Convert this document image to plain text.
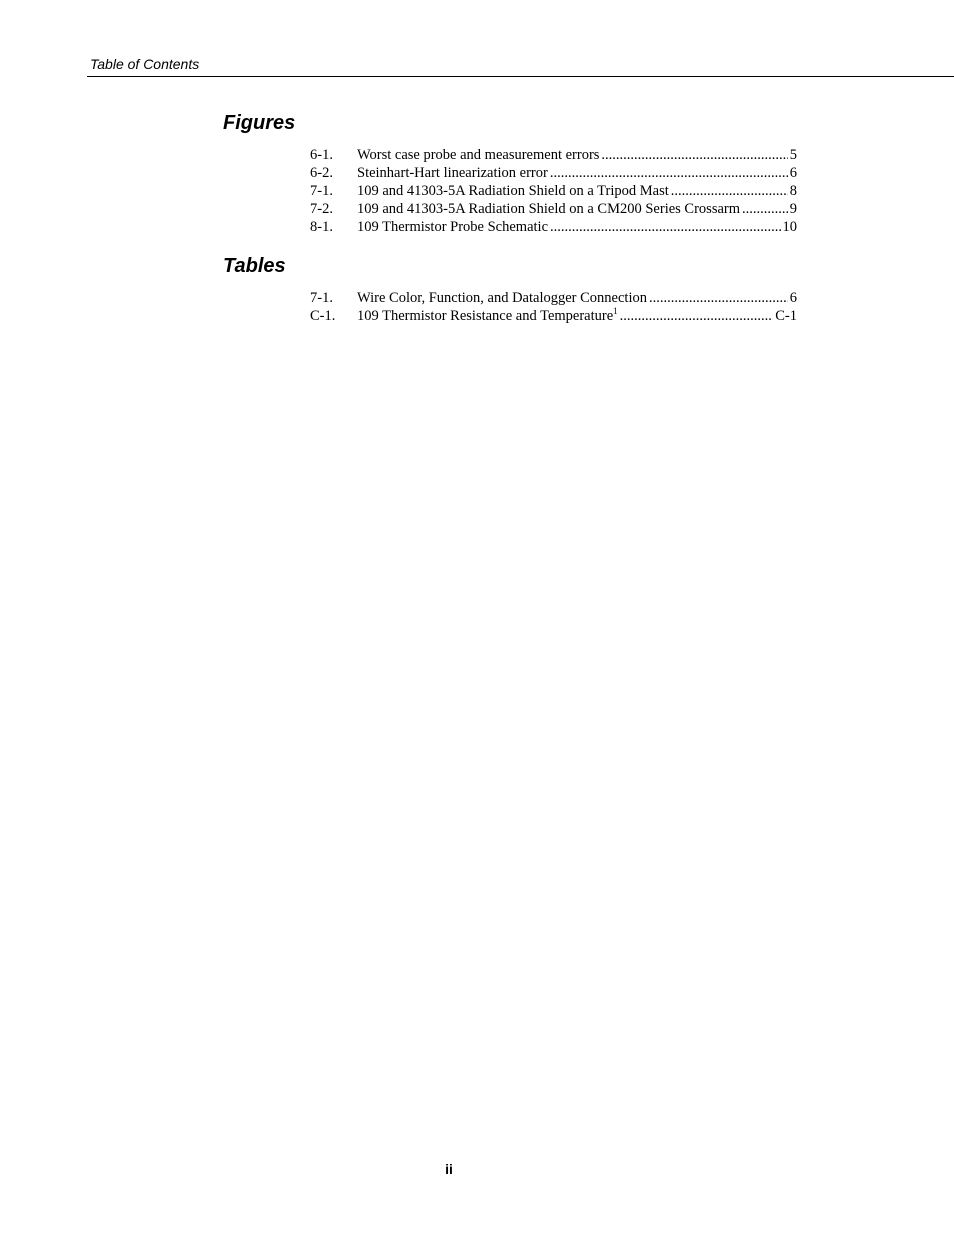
Table of Contents
Figures
6-1.	Worst case probe and measurement errors .....	5
6-2.	Steinhart-Hart linearization error .....	6
7-1.	109 and 41303-5A Radiation Shield on a Tripod Mast .....	8
7-2.	109 and 41303-5A Radiation Shield on a CM200 Series Crossarm .....	9
8-1.	109 Thermistor Probe Schematic .....	10
Tables
7-1.	Wire Color, Function, and Datalogger Connection .....	6
C-1.	109 Thermistor Resistance and Temperature$^1$ .....	C-1
ii
